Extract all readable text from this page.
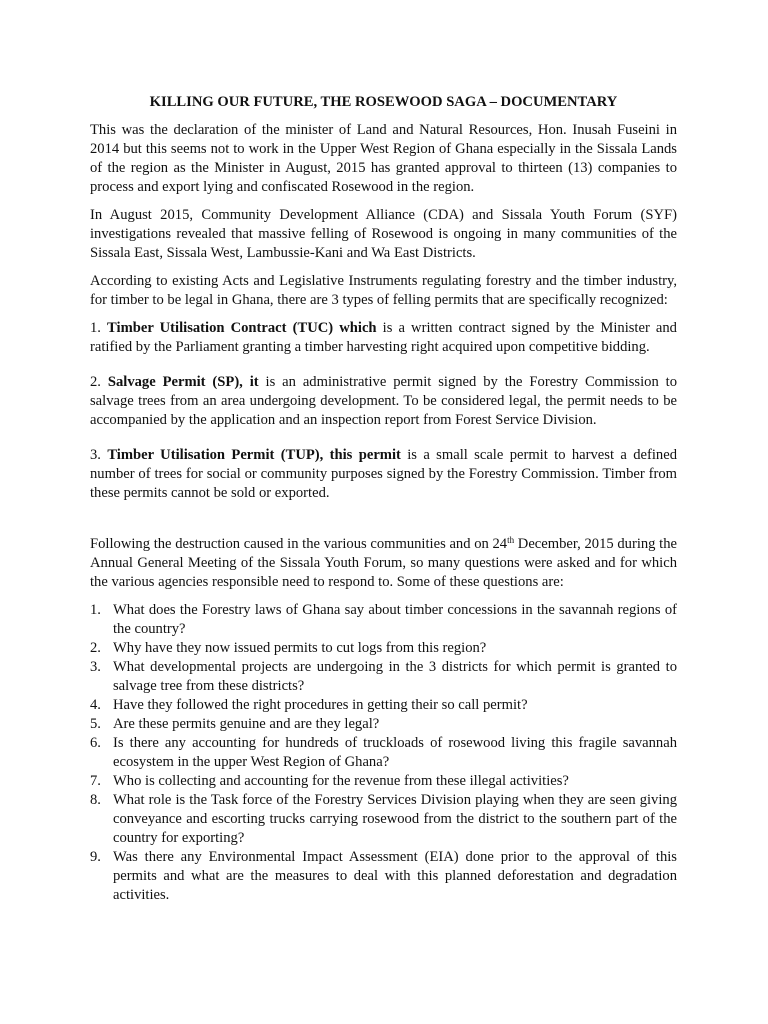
KILLING OUR FUTURE, THE ROSEWOOD SAGA – DOCUMENTARY

This was the declaration of the minister of Land and Natural Resources, Hon. Inusah Fuseini in 2014 but this seems not to work in the Upper West Region of Ghana especially in the Sissala Lands of the region as the Minister in August, 2015 has granted approval to thirteen (13) companies to process and export lying and confiscated Rosewood in the region.

In August 2015, Community Development Alliance (CDA) and Sissala Youth Forum (SYF) investigations revealed that massive felling of Rosewood is ongoing in many communities of the Sissala East, Sissala West, Lambussie-Kani and Wa East Districts.

According to existing Acts and Legislative Instruments regulating forestry and the timber industry, for timber to be legal in Ghana, there are 3 types of felling permits that are specifically recognized:

1. Timber Utilisation Contract (TUC) which is a written contract signed by the Minister and ratified by the Parliament granting a timber harvesting right acquired upon competitive bidding.

2. Salvage Permit (SP), it is an administrative permit signed by the Forestry Commission to salvage trees from an area undergoing development. To be considered legal, the permit needs to be accompanied by the application and an inspection report from Forest Service Division.

3. Timber Utilisation Permit (TUP), this permit is a small scale permit to harvest a defined number of trees for social or community purposes signed by the Forestry Commission. Timber from these permits cannot be sold or exported.

Following the destruction caused in the various communities and on 24th December, 2015 during the Annual General Meeting of the Sissala Youth Forum, so many questions were asked and for which the various agencies responsible need to respond to. Some of these questions are:

1. What does the Forestry laws of Ghana say about timber concessions in the savannah regions of the country?
2. Why have they now issued permits to cut logs from this region?
3. What developmental projects are undergoing in the 3 districts for which permit is granted to salvage tree from these districts?
4. Have they followed the right procedures in getting their so call permit?
5. Are these permits genuine and are they legal?
6. Is there any accounting for hundreds of truckloads of rosewood living this fragile savannah ecosystem in the upper West Region of Ghana?
7. Who is collecting and accounting for the revenue from these illegal activities?
8. What role is the Task force of the Forestry Services Division playing when they are seen giving conveyance and escorting trucks carrying rosewood from the district to the southern part of the country for exporting?
9. Was there any Environmental Impact Assessment (EIA) done prior to the approval of this permits and what are the measures to deal with this planned deforestation and degradation activities.
